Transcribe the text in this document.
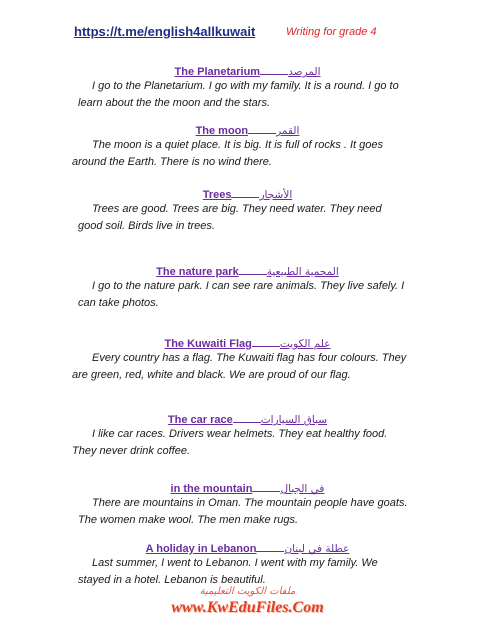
https://t.me/english4allkuwait	Writing for grade 4
The Planetarium	المرصد

I go to the Planetarium. I go with my family. It is a round. I go to learn about the the moon and the stars.

The moon	القمر

The moon is a quiet place. It is big. It is full of rocks . It goes around the Earth. There is no wind there.

Trees	الأشجار

Trees are good. Trees are big. They need water. They need good soil. Birds live in trees.

The nature park	المحمية الطبيعية

I go to the nature park. I can see rare animals. They live safely. I can take photos.

The Kuwaiti Flag	علم الكويت

Every country has a flag. The Kuwaiti flag has four colours. They are green, red, white and black. We are proud of our flag.

The car race	سباق السيارات

I like car races. Drivers wear helmets. They eat healthy food. They never drink coffee.

in the mountain	في الجبال

There are mountains in Oman. The mountain people have goats. The women make wool. The men make rugs.

A holiday in Lebanon	عطلة في لبنان

Last summer, I went to Lebanon. I went with my family. We stayed in a hotel. Lebanon is beautiful.

ملفات الكويت التعليمية
www.KwEduFiles.Com
